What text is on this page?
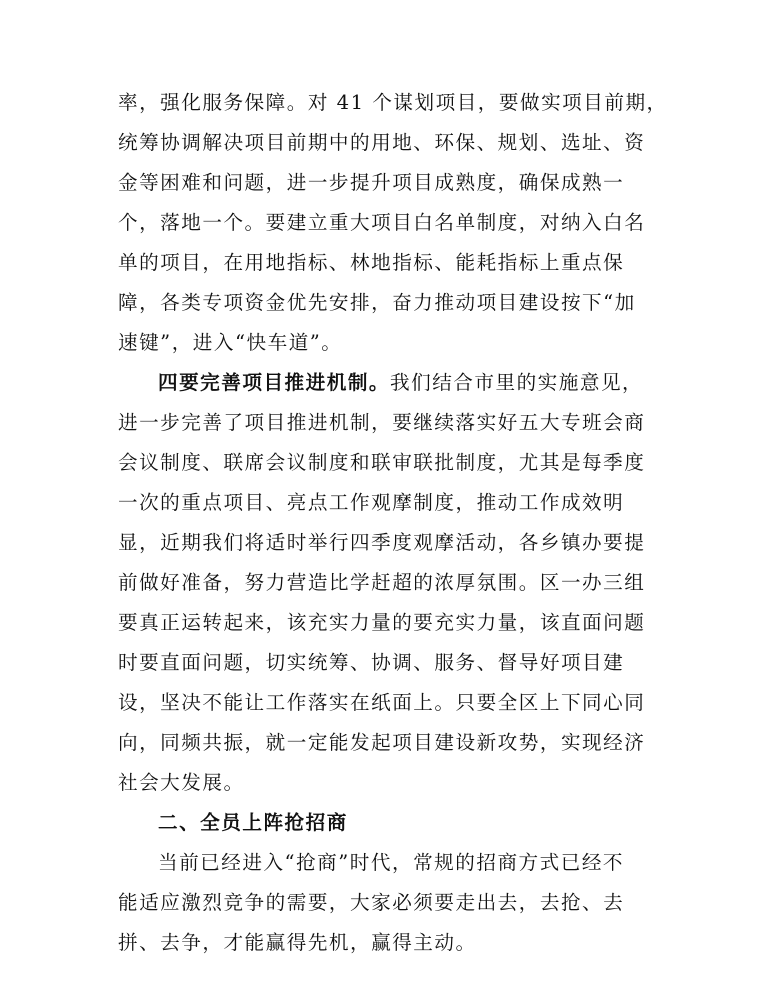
率，强化服务保障。对 41 个谋划项目，要做实项目前期，
统筹协调解决项目前期中的用地、环保、规划、选址、资
金等困难和问题，进一步提升项目成熟度，确保成熟一
个，落地一个。要建立重大项目白名单制度，对纳入白名
单的项目，在用地指标、林地指标、能耗指标上重点保
障，各类专项资金优先安排，奋力推动项目建设按下“加
速键”，进入“快车道”。
四要完善项目推进机制。我们结合市里的实施意见，
进一步完善了项目推进机制，要继续落实好五大专班会商
会议制度、联席会议制度和联审联批制度，尤其是每季度
一次的重点项目、亮点工作观摩制度，推动工作成效明
显，近期我们将适时举行四季度观摩活动，各乡镇办要提
前做好准备，努力营造比学赶超的浓厚氛围。区一办三组
要真正运转起来，该充实力量的要充实力量，该直面问题
时要直面问题，切实统筹、协调、服务、督导好项目建
设，坚决不能让工作落实在纸面上。只要全区上下同心同
向，同频共振，就一定能发起项目建设新攻势，实现经济
社会大发展。
二、全员上阵抢招商
当前已经进入“抢商”时代，常规的招商方式已经不
能适应激烈竞争的需要，大家必须要走出去，去抢、去
拼、去争，才能赢得先机，赢得主动。
